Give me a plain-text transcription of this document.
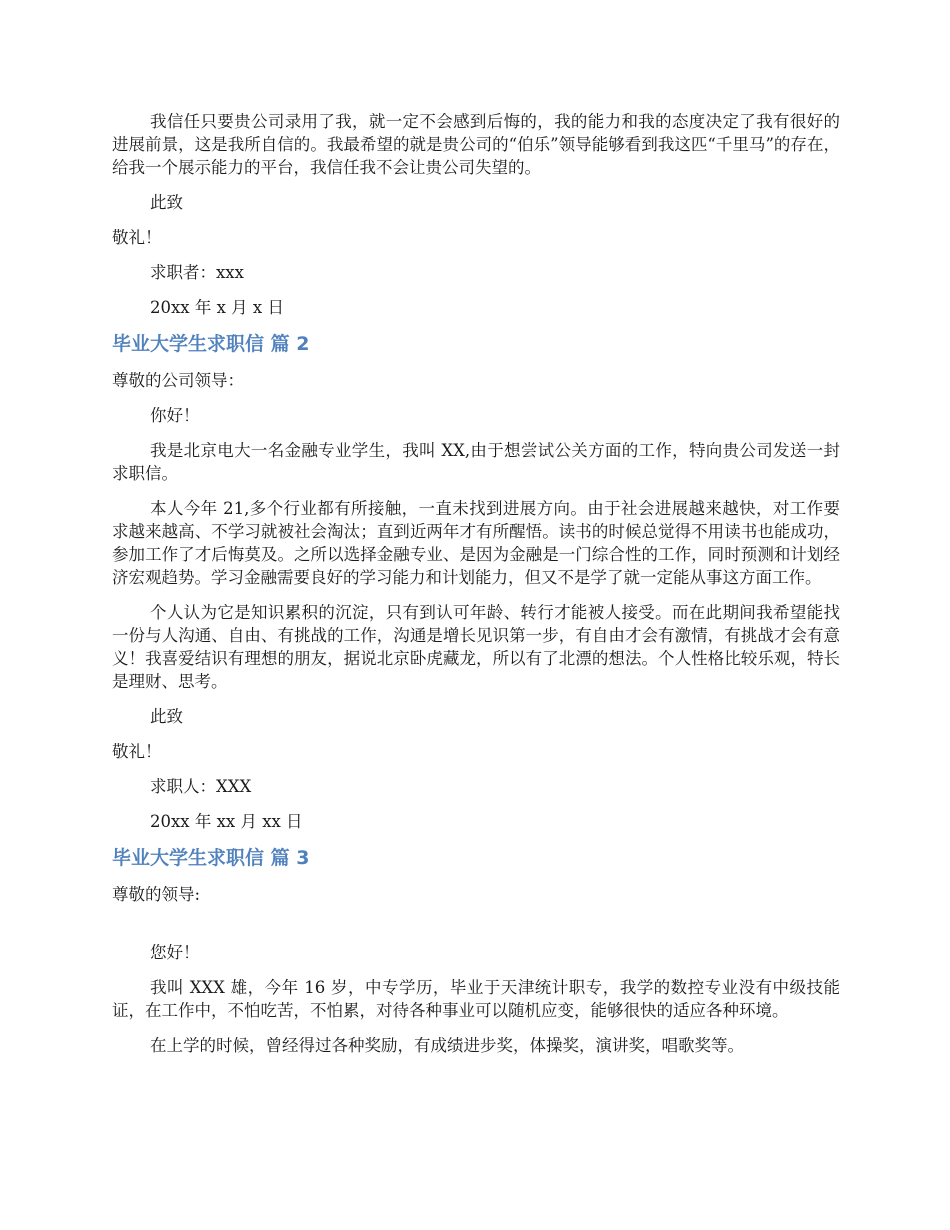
我信任只要贵公司录用了我，就一定不会感到后悔的，我的能力和我的态度决定了我有很好的进展前景，这是我所自信的。我最希望的就是贵公司的“伯乐”领导能够看到我这匹“千里马”的存在，给我一个展示能力的平台，我信任我不会让贵公司失望的。

此致

敬礼！

求职者：xxx

20xx 年 x 月 x 日

毕业大学生求职信 篇 2

尊敬的公司领导：

你好！

我是北京电大一名金融专业学生，我叫 XX,由于想尝试公关方面的工作，特向贵公司发送一封求职信。

本人今年 21,多个行业都有所接触，一直未找到进展方向。由于社会进展越来越快，对工作要求越来越高、不学习就被社会淘汰；直到近两年才有所醒悟。读书的时候总觉得不用读书也能成功，参加工作了才后悔莫及。之所以选择金融专业、是因为金融是一门综合性的工作，同时预测和计划经济宏观趋势。学习金融需要良好的学习能力和计划能力，但又不是学了就一定能从事这方面工作。

个人认为它是知识累积的沉淀，只有到认可年龄、转行才能被人接受。而在此期间我希望能找一份与人沟通、自由、有挑战的工作，沟通是增长见识第一步，有自由才会有激情，有挑战才会有意义！我喜爱结识有理想的朋友，据说北京卧虎藏龙，所以有了北漂的想法。个人性格比较乐观，特长是理财、思考。

此致

敬礼！

求职人：XXX

20xx 年 xx 月 xx 日

毕业大学生求职信 篇 3

尊敬的领导:

您好！

我叫 XXX 雄，今年 16 岁，中专学历，毕业于天津统计职专，我学的数控专业没有中级技能证，在工作中，不怕吃苦，不怕累，对待各种事业可以随机应变，能够很快的适应各种环境。

在上学的时候，曾经得过各种奖励，有成绩进步奖，体操奖，演讲奖，唱歌奖等。
